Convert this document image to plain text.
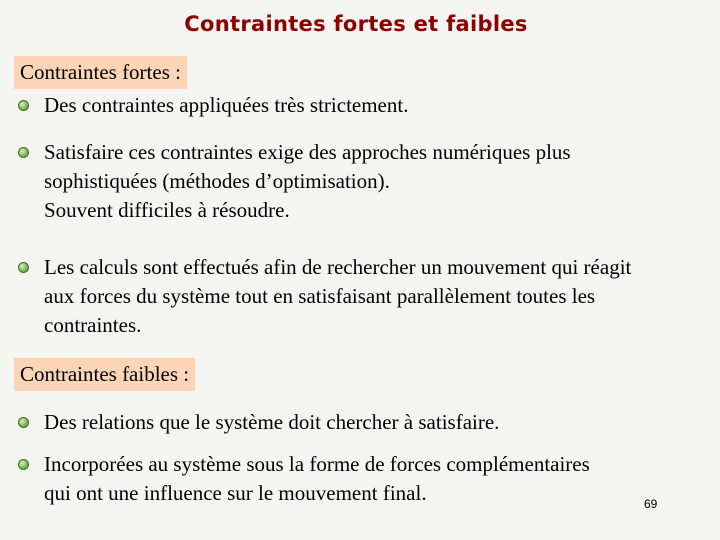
Contraintes fortes et faibles
Contraintes fortes :
Des contraintes appliquées très strictement.
Satisfaire ces contraintes exige des approches numériques plus
sophistiquées (méthodes d’optimisation).
Souvent difficiles à résoudre.
Les calculs sont effectués afin de rechercher un mouvement qui réagit
aux forces du système tout en satisfaisant parallèlement toutes les
contraintes.
Contraintes faibles :
Des relations que le système doit chercher à satisfaire.
Incorporées au système sous la forme de forces complémentaires
qui ont une influence sur le mouvement final.	69
